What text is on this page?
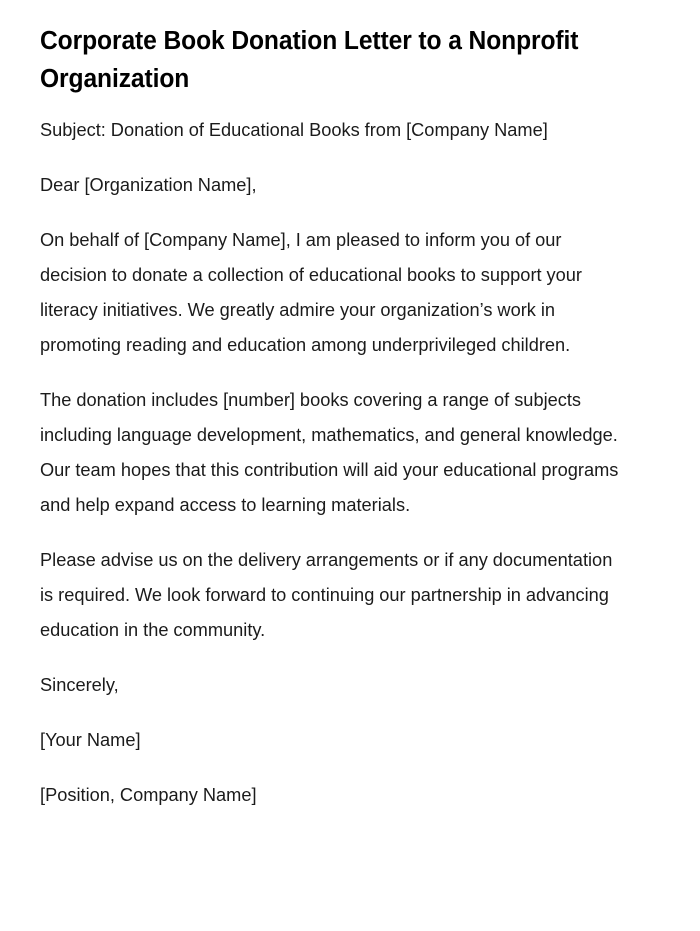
Corporate Book Donation Letter to a Nonprofit Organization

Subject: Donation of Educational Books from [Company Name]

Dear [Organization Name],

On behalf of [Company Name], I am pleased to inform you of our decision to donate a collection of educational books to support your literacy initiatives. We greatly admire your organization’s work in promoting reading and education among underprivileged children.

The donation includes [number] books covering a range of subjects including language development, mathematics, and general knowledge. Our team hopes that this contribution will aid your educational programs and help expand access to learning materials.

Please advise us on the delivery arrangements or if any documentation is required. We look forward to continuing our partnership in advancing education in the community.

Sincerely,

[Your Name]

[Position, Company Name]
